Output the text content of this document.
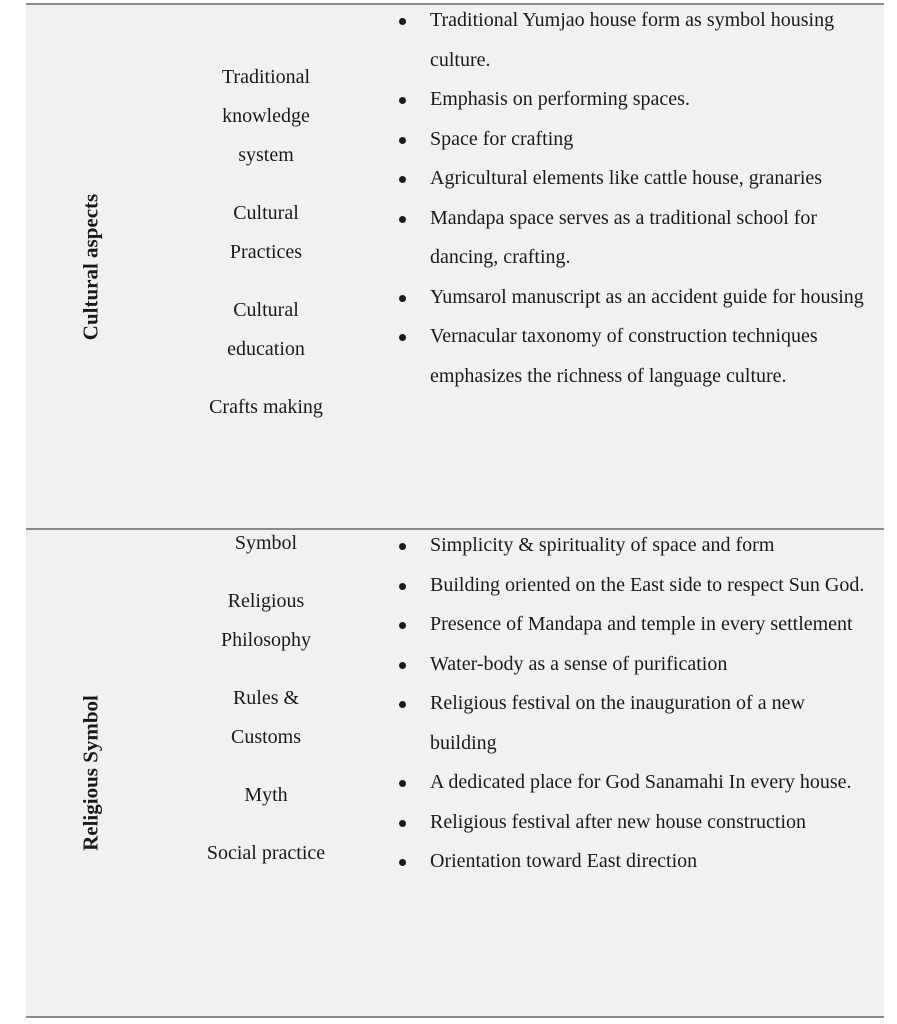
Cultural aspects
Traditional knowledge system
Cultural Practices
Cultural education
Crafts making
Traditional Yumjao house form as symbol housing culture.
Emphasis on performing spaces.
Space for crafting
Agricultural elements like cattle house, granaries
Mandapa space serves as a traditional school for dancing, crafting.
Yumsarol manuscript as an accident guide for housing
Vernacular taxonomy of construction techniques emphasizes the richness of language culture.
Religious Symbol
Symbol
Religious Philosophy
Rules & Customs
Myth
Social practice
Simplicity & spirituality of space and form
Building oriented on the East side to respect Sun God.
Presence of Mandapa and temple in every settlement
Water-body as a sense of purification
Religious festival on the inauguration of a new building
A dedicated place for God Sanamahi In every house.
Religious festival after new house construction
Orientation toward East direction
